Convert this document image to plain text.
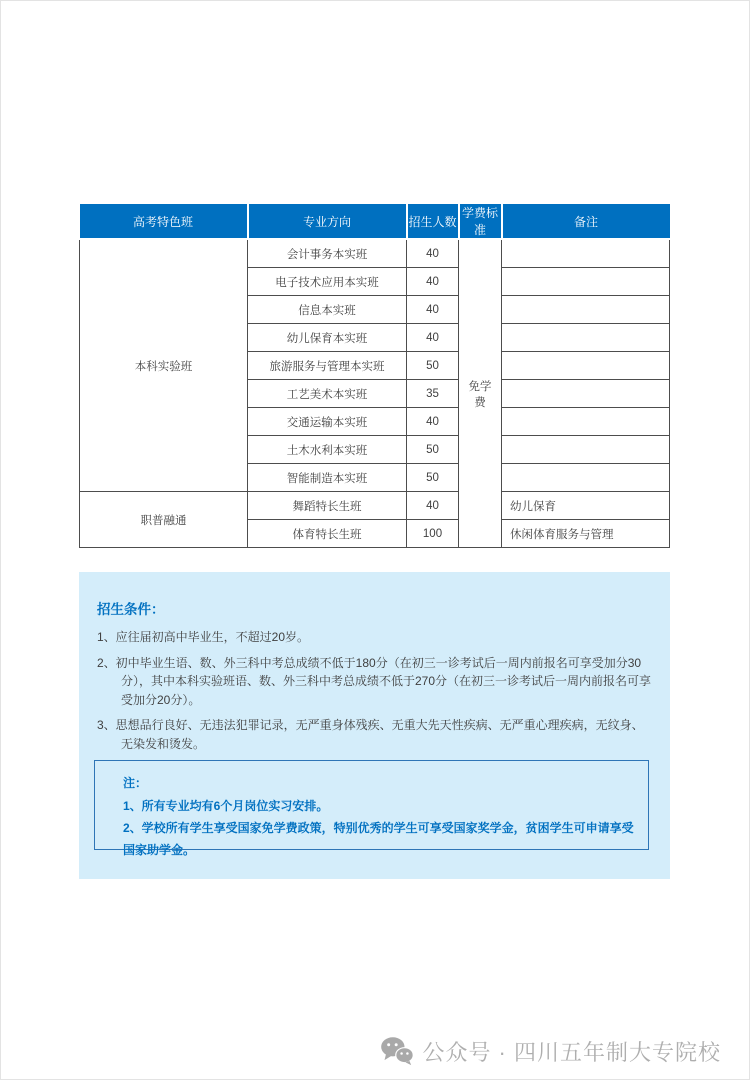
高考特色班	专业方向	招生人数	学费标准	备注
本科实验班	会计事务本实班	40	免学费	
	电子技术应用本实班	40		
	信息本实班	40		
	幼儿保育本实班	40		
	旅游服务与管理本实班	50		
	工艺美术本实班	35		
	交通运输本实班	40		
	土木水利本实班	50		
	智能制造本实班	50		
职普融通	舞蹈特长生班	40		幼儿保育
	体育特长生班	100		休闲体育服务与管理

招生条件：

1、应往届初高中毕业生，不超过20岁。
2、初中毕业生语、数、外三科中考总成绩不低于180分（在初三一诊考试后一周内前报名可享受加分30分），其中本科实验班语、数、外三科中考总成绩不低于270分（在初三一诊考试后一周内前报名可享受加分20分）。
3、思想品行良好、无违法犯罪记录，无严重身体残疾、无重大先天性疾病、无严重心理疾病，无纹身、无染发和烫发。

注：

1、所有专业均有6个月岗位实习安排。
2、学校所有学生享受国家免学费政策，特别优秀的学生可享受国家奖学金，贫困学生可申请享受国家助学金。
公众号 · 四川五年制大专院校
